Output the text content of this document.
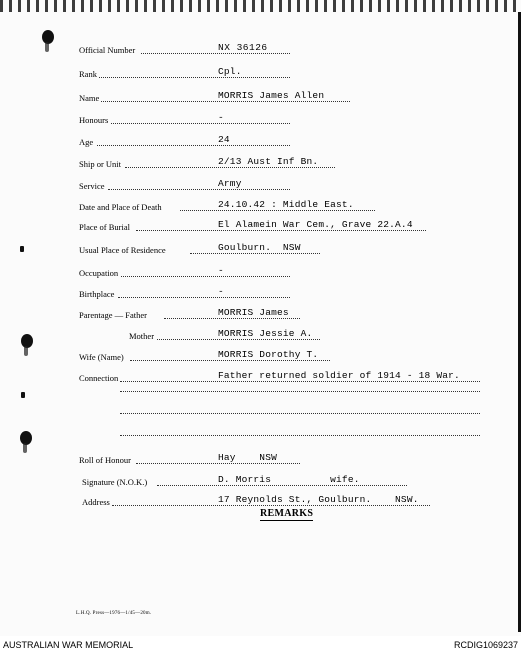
Official Number	NX 36126
Rank	Cpl.
Name	MORRIS James Allen
Honours	-
Age	24
Ship or Unit	2/13 Aust Inf Bn.
Service	Army
Date and Place of Death	24.10.42 : Middle East.
Place of Burial	El Alamein War Cem., Grave 22.A.4
Usual Place of Residence	Goulburn.  NSW
Occupation	-
Birthplace	-
Parentage — Father	MORRIS James
Mother	MORRIS Jessie A.
Wife (Name)	MORRIS Dorothy T.
Connection	Father returned soldier of 1914 - 18 War.
Roll of Honour	Hay    NSW
Signature (N.O.K.)	D. Morris          wife.
Address	17 Reynolds St., Goulburn.    NSW.
REMARKS
L.H.Q. Press—1976—1/45—20m.
AUSTRALIAN WAR MEMORIAL	RCDIG1069237
